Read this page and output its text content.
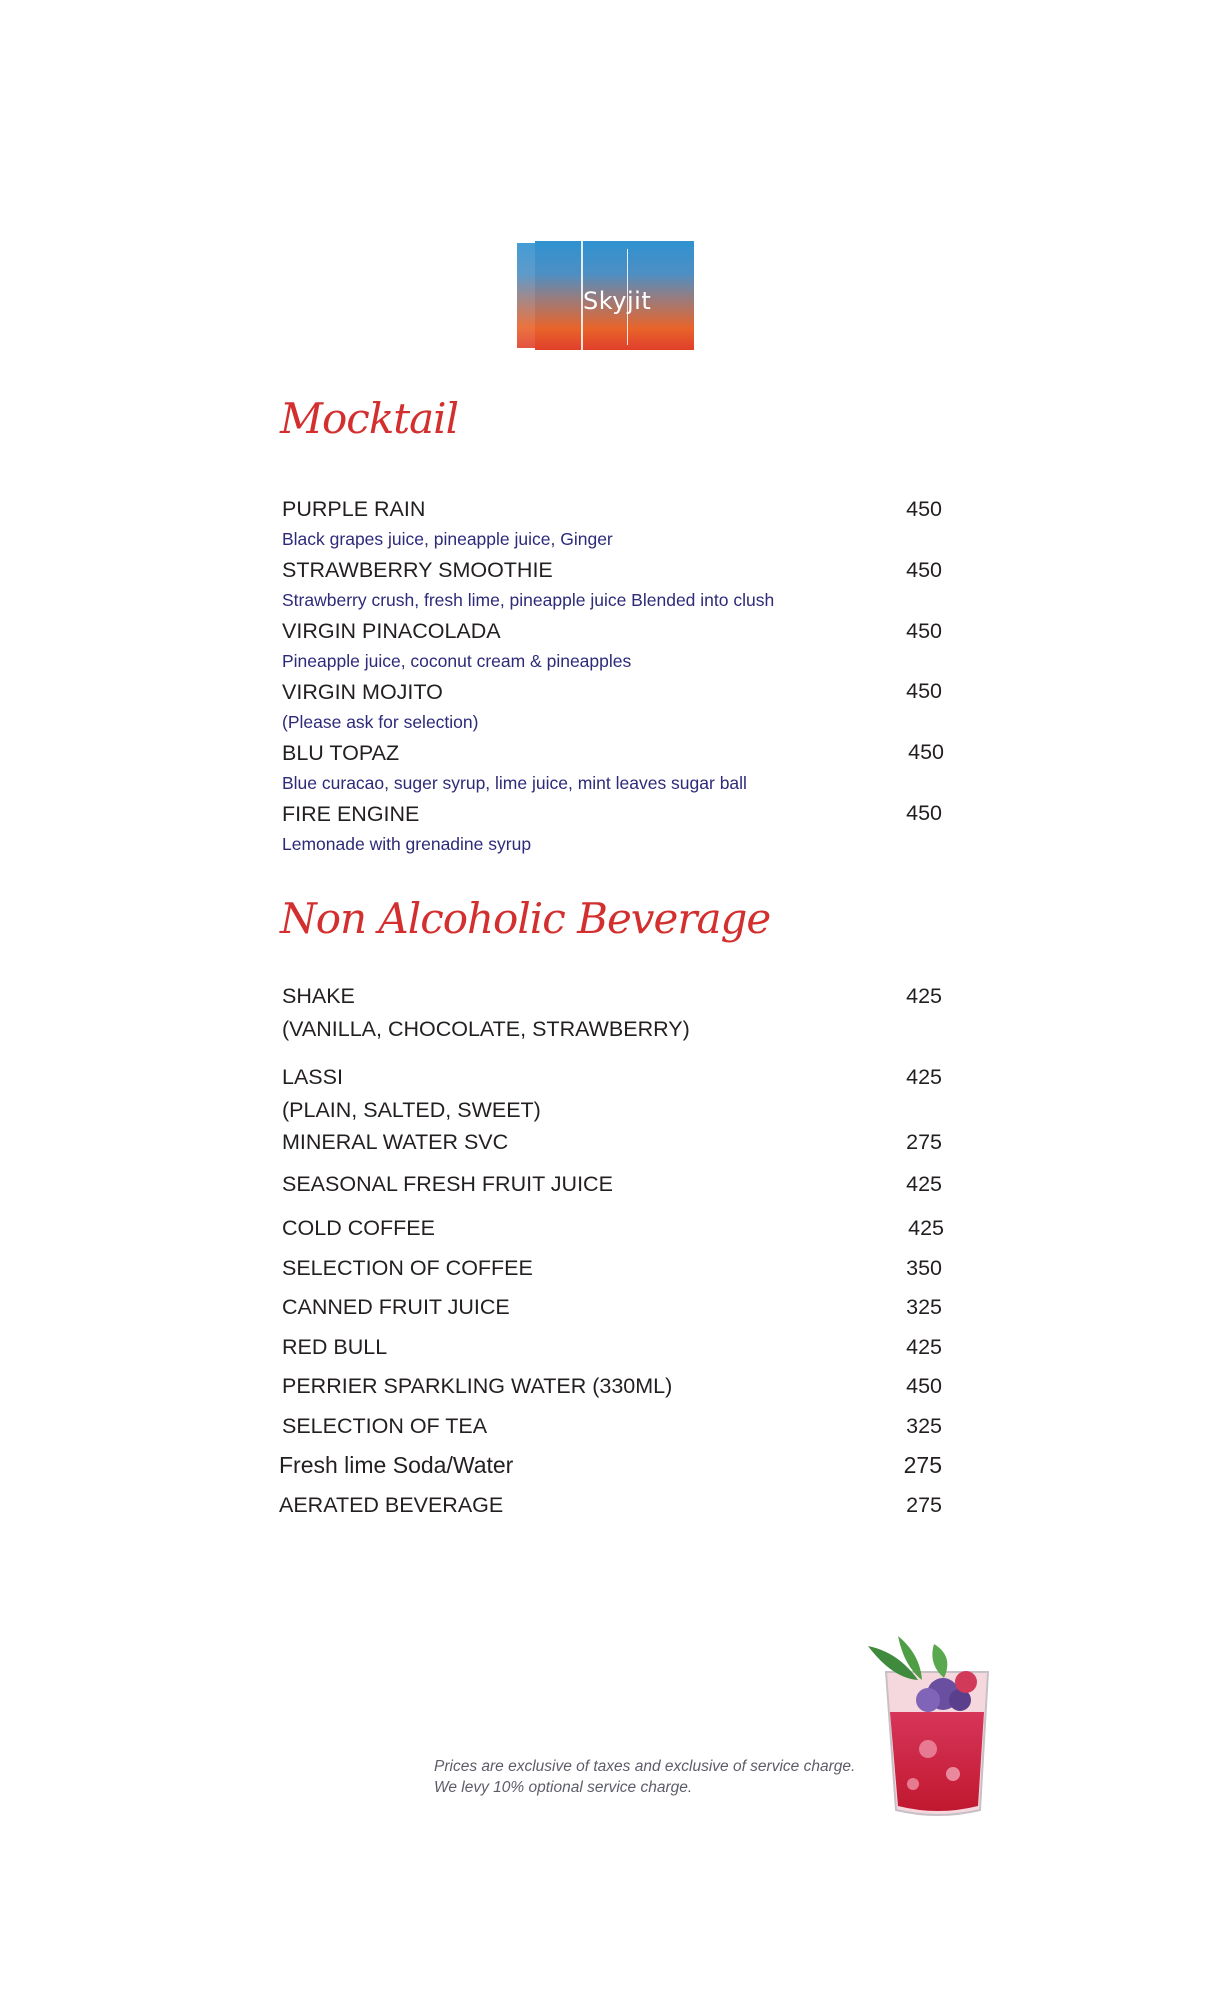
Skyjit
Mocktail
PURPLE RAIN	450
Black grapes juice, pineapple juice, Ginger
STRAWBERRY SMOOTHIE	450
Strawberry crush, fresh lime, pineapple juice Blended into clush
VIRGIN PINACOLADA	450
Pineapple juice, coconut cream & pineapples
VIRGIN MOJITO	450
(Please ask for selection)
BLU TOPAZ	450
Blue curacao, suger syrup, lime juice, mint leaves sugar ball
FIRE ENGINE	450
Lemonade with grenadine syrup
Non Alcoholic Beverage
SHAKE	425
(VANILLA, CHOCOLATE, STRAWBERRY)
LASSI	425
(PLAIN, SALTED, SWEET)
MINERAL WATER SVC	275
SEASONAL FRESH FRUIT JUICE	425
COLD COFFEE	425
SELECTION OF COFFEE	350
CANNED FRUIT JUICE	325
RED BULL	425
PERRIER SPARKLING WATER (330ML)	450
SELECTION OF TEA	325
Fresh lime Soda/Water	275
AERATED BEVERAGE	275
Prices are exclusive of taxes and exclusive of service charge.
We levy 10% optional service charge.
